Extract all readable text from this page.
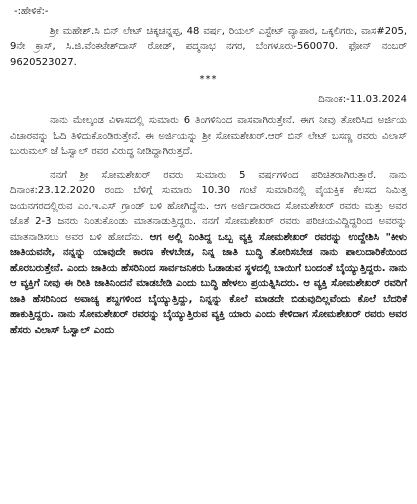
-:ಹೇಳಿಕೆ:-

ಶ್ರೀ ಮಹೇಶ್.ಸಿ ಬಿನ್ ಲೇಟ್ ಚಿಕ್ಕಚನ್ನಪ್ಪ, 48 ವರ್ಷ, ರಿಯಲ್ ಎಸ್ಟೇಟ್ ವ್ಯಾಪಾರ, ಒಕ್ಕಲಿಗರು, ವಾಸ#205, 9ನೇ ಕ್ರಾಸ್, ಸಿ.ಜಿ.ವೆಂಕಟೇಶ್‌ದಾಸ್ ರೋಡ್, ಪದ್ಮನಾಭ ನಗರ, ಬೆಂಗಳೂರು-560070. ಫೋನ್ ನಂಬರ್ 9620523027.

***

ದಿನಾಂಕ:-11.03.2024

ನಾನು ಮೇಲ್ಕಂಡ ವಿಳಾಸದಲ್ಲಿ ಸುಮಾರು 6 ತಿಂಗಳಿನಿಂದ ವಾಸವಾಗಿರುತ್ತೇನೆ. ಈಗ ನೀವು ತೋರಿಸಿದ ಅರ್ಜಿಯ ವಿಚಾರವನ್ನು ಓದಿ ತಿಳಿದುಕೊಂಡಿರುತ್ತೇನೆ. ಈ ಅರ್ಜಿಯನ್ನು ಶ್ರೀ ಸೋಮಶೇಖರ್.ಆರ್ ಬಿನ್ ಲೇಟ್ ಬಸಣ್ಣ ರವರು ವಿಲಾಸ್ ಬುರುಮಲ್ ಜೆ ಓಸ್ವಾಲ್ ರವರ ವಿರುದ್ಧ ನೀಡಿದ್ದಾಗಿರುತ್ತದೆ.

ನನಗೆ ಶ್ರೀ ಸೋಮಶೇಖರ್ ರವರು ಸುಮಾರು 5 ವರ್ಷಗಳಿಂದ ಪರಿಚಿತರಾಗಿರುತ್ತಾರೆ. ನಾನು ದಿನಾಂಕ:23.12.2020 ರಂದು ಬೆಳಿಗ್ಗೆ ಸುಮಾರು 10.30 ಗಂಟೆ ಸುಮಾರಿನಲ್ಲಿ ವೈಯಕ್ತಿಕ ಕೆಲಸದ ನಿಮಿತ್ತ ಜಯನಗರದಲ್ಲಿರುವ ಎಂ.ಇ.ಎಸ್ ಗ್ರಾಂಡ್ ಬಳಿ ಹೋಗಿದ್ದೆನು. ಆಗ ಅರ್ಜಿದಾರರಾದ ಸೋಮಶೇಖರ್ ರವರು ಮತ್ತು ಅವರ ಜೊತೆ 2-3 ಜನರು ನಿಂತುಕೊಂಡು ಮಾತನಾಡುತ್ತಿದ್ದರು. ನನಗೆ ಸೋಮಶೇಖರ್ ರವರು ಪರಿಚಯವಿದ್ದಿದ್ದರಿಂದ ಅವರನ್ನು ಮಾತನಾಡಿಸಲು ಅವರ ಬಳಿ ಹೋದೆನು. ಆಗ ಅಲ್ಲಿ ನಿಂತಿದ್ದ ಒಬ್ಬ ವ್ಯಕ್ತಿ ಸೋಮಶೇಖರ್ ರವರನ್ನು ಉದ್ದೇಶಿಸಿ "ಕೀಳು ಜಾತಿಯವನೇ, ನನ್ನನ್ನು ಯಾವುದೇ ಕಾರಣ ಕೇಳಬೇಡ, ನಿನ್ನ ಜಾತಿ ಬುದ್ಧಿ ತೋರಿಸಬೇಡ ನಾನು ಪಾಲುದಾರಿಕೆಯಿಂದ ಹೊರಬರುತ್ತೇನೆ. ಎಂದು ಜಾತಿಯ ಹೆಸರಿನಿಂದ ಸಾರ್ವಜನಿಕರು ಓಡಾಡುವ ಸ್ಥಳದಲ್ಲಿ ಬಾಯಿಗೆ ಬಂದಂತೆ ಬೈಯ್ಯುತ್ತಿದ್ದರು. ನಾನು ಆ ವ್ಯಕ್ತಿಗೆ ನೀವು ಈ ರೀತಿ ಜಾತಿನಿಂದನೆ ಮಾಡಬೇಡಿ ಎಂದು ಬುದ್ಧಿ ಹೇಳಲು ಪ್ರಯತ್ನಿಸಿದರು. ಆ ವ್ಯಕ್ತಿ ಸೋಮಶೇಖರ್ ರವರಿಗೆ ಜಾತಿ ಹೆಸರಿನಿಂದ ಅವಾಚ್ಯ ಶಬ್ದಗಳಿಂದ ಬೈಯ್ಯುತ್ತಿದ್ದು, ನಿನ್ನನ್ನು ಕೊಲೆ ಮಾಡದೇ ಬಿಡುವುದಿಲ್ಲವೆಂದು ಕೊಲೆ ಬೆದರಿಕೆ ಹಾಕುತ್ತಿದ್ದರು. ನಾನು ಸೋಮಶೇಖರ್ ರವರನ್ನು ಬೈಯ್ಯುತ್ತಿರುವ ವ್ಯಕ್ತಿ ಯಾರು ಎಂದು ಕೇಳಿದಾಗ ಸೋಮಶೇಖರ್ ರವರು ಅವರ ಹೆಸರು ವಿಲಾಸ್ ಓಸ್ವಾಲ್ ಎಂದು
